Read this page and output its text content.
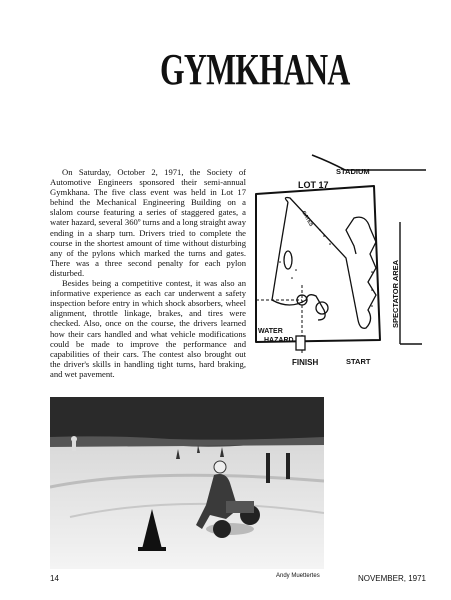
GYMKHANA

On Saturday, October 2, 1971, the Society of Automotive Engineers sponsored their semi-annual Gymkhana. The five class event was held in Lot 17 behind the Mechanical Engineering Building on a slalom course featuring a series of staggered gates, a water hazard, several 360º turns and a long straight away ending in a sharp turn. Drivers tried to complete the course in the shortest amount of time without disturbing any of the pylons which marked the turns and gates. There was a three second penalty for each pylon disturbed.

Besides being a competitive contest, it was also an informative experience as each car underwent a safety inspection before entry in which shock absorbers, wheel alignment, throttle linkage, brakes, and tires were checked. Also, once on the course, the drivers learned how their cars handled and what vehicle modifications could be made to improve the performance and capabilities of their cars. The contest also brought out the driver's skills in handling tight turns, hard braking, and wet pavement.

STADIUM
LOT 17
SPECTATOR AREA
GATES
WATER
HAZARD
FINISH	START
Andy Muettertes
14	NOVEMBER, 1971
